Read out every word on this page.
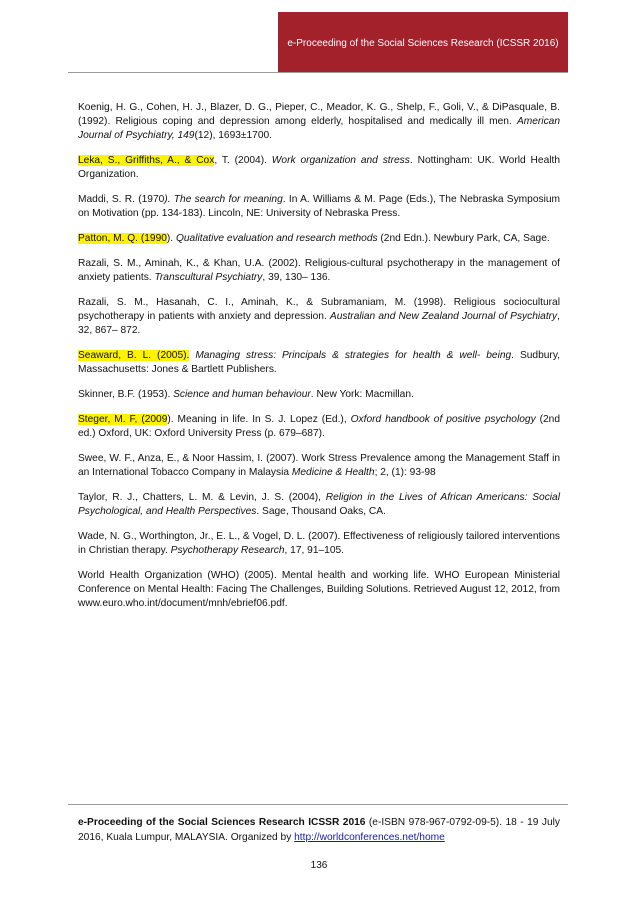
e-Proceeding of the Social Sciences Research (ICSSR 2016)

Koenig, H. G., Cohen, H. J., Blazer, D. G., Pieper, C., Meador, K. G., Shelp, F., Goli, V., & DiPasquale, B. (1992). Religious coping and depression among elderly, hospitalised and medically ill men. American Journal of Psychiatry, 149(12), 1693±1700.

Leka, S., Griffiths, A., & Cox, T. (2004). Work organization and stress. Nottingham: UK. World Health Organization.

Maddi, S. R. (1970). The search for meaning. In A. Williams & M. Page (Eds.), The Nebraska Symposium on Motivation (pp. 134-183). Lincoln, NE: University of Nebraska Press.

Patton, M. Q. (1990). Qualitative evaluation and research methods (2nd Edn.). Newbury Park, CA, Sage.

Razali, S. M., Aminah, K., & Khan, U.A. (2002). Religious-cultural psychotherapy in the management of anxiety patients. Transcultural Psychiatry, 39, 130– 136.

Razali, S. M., Hasanah, C. I., Aminah, K., & Subramaniam, M. (1998). Religious sociocultural psychotherapy in patients with anxiety and depression. Australian and New Zealand Journal of Psychiatry, 32, 867– 872.

Seaward, B. L. (2005). Managing stress: Principals & strategies for health & well- being. Sudbury, Massachusetts: Jones & Bartlett Publishers.

Skinner, B.F. (1953). Science and human behaviour. New York: Macmillan.

Steger, M. F, (2009). Meaning in life. In S. J. Lopez (Ed.), Oxford handbook of positive psychology (2nd ed.) Oxford, UK: Oxford University Press (p. 679–687).

Swee, W. F., Anza, E., & Noor Hassim, I. (2007). Work Stress Prevalence among the Management Staff in an International Tobacco Company in Malaysia Medicine & Health; 2, (1): 93-98

Taylor, R. J., Chatters, L. M. & Levin, J. S. (2004), Religion in the Lives of African Americans: Social Psychological, and Health Perspectives. Sage, Thousand Oaks, CA.

Wade, N. G., Worthington, Jr., E. L., & Vogel, D. L. (2007). Effectiveness of religiously tailored interventions in Christian therapy. Psychotherapy Research, 17, 91–105.

World Health Organization (WHO) (2005). Mental health and working life. WHO European Ministerial Conference on Mental Health: Facing The Challenges, Building Solutions. Retrieved August 12, 2012, from www.euro.who.int/document/mnh/ebrief06.pdf.

e-Proceeding of the Social Sciences Research ICSSR 2016 (e-ISBN 978-967-0792-09-5). 18 - 19 July 2016, Kuala Lumpur, MALAYSIA. Organized by http://worldconferences.net/home
136
